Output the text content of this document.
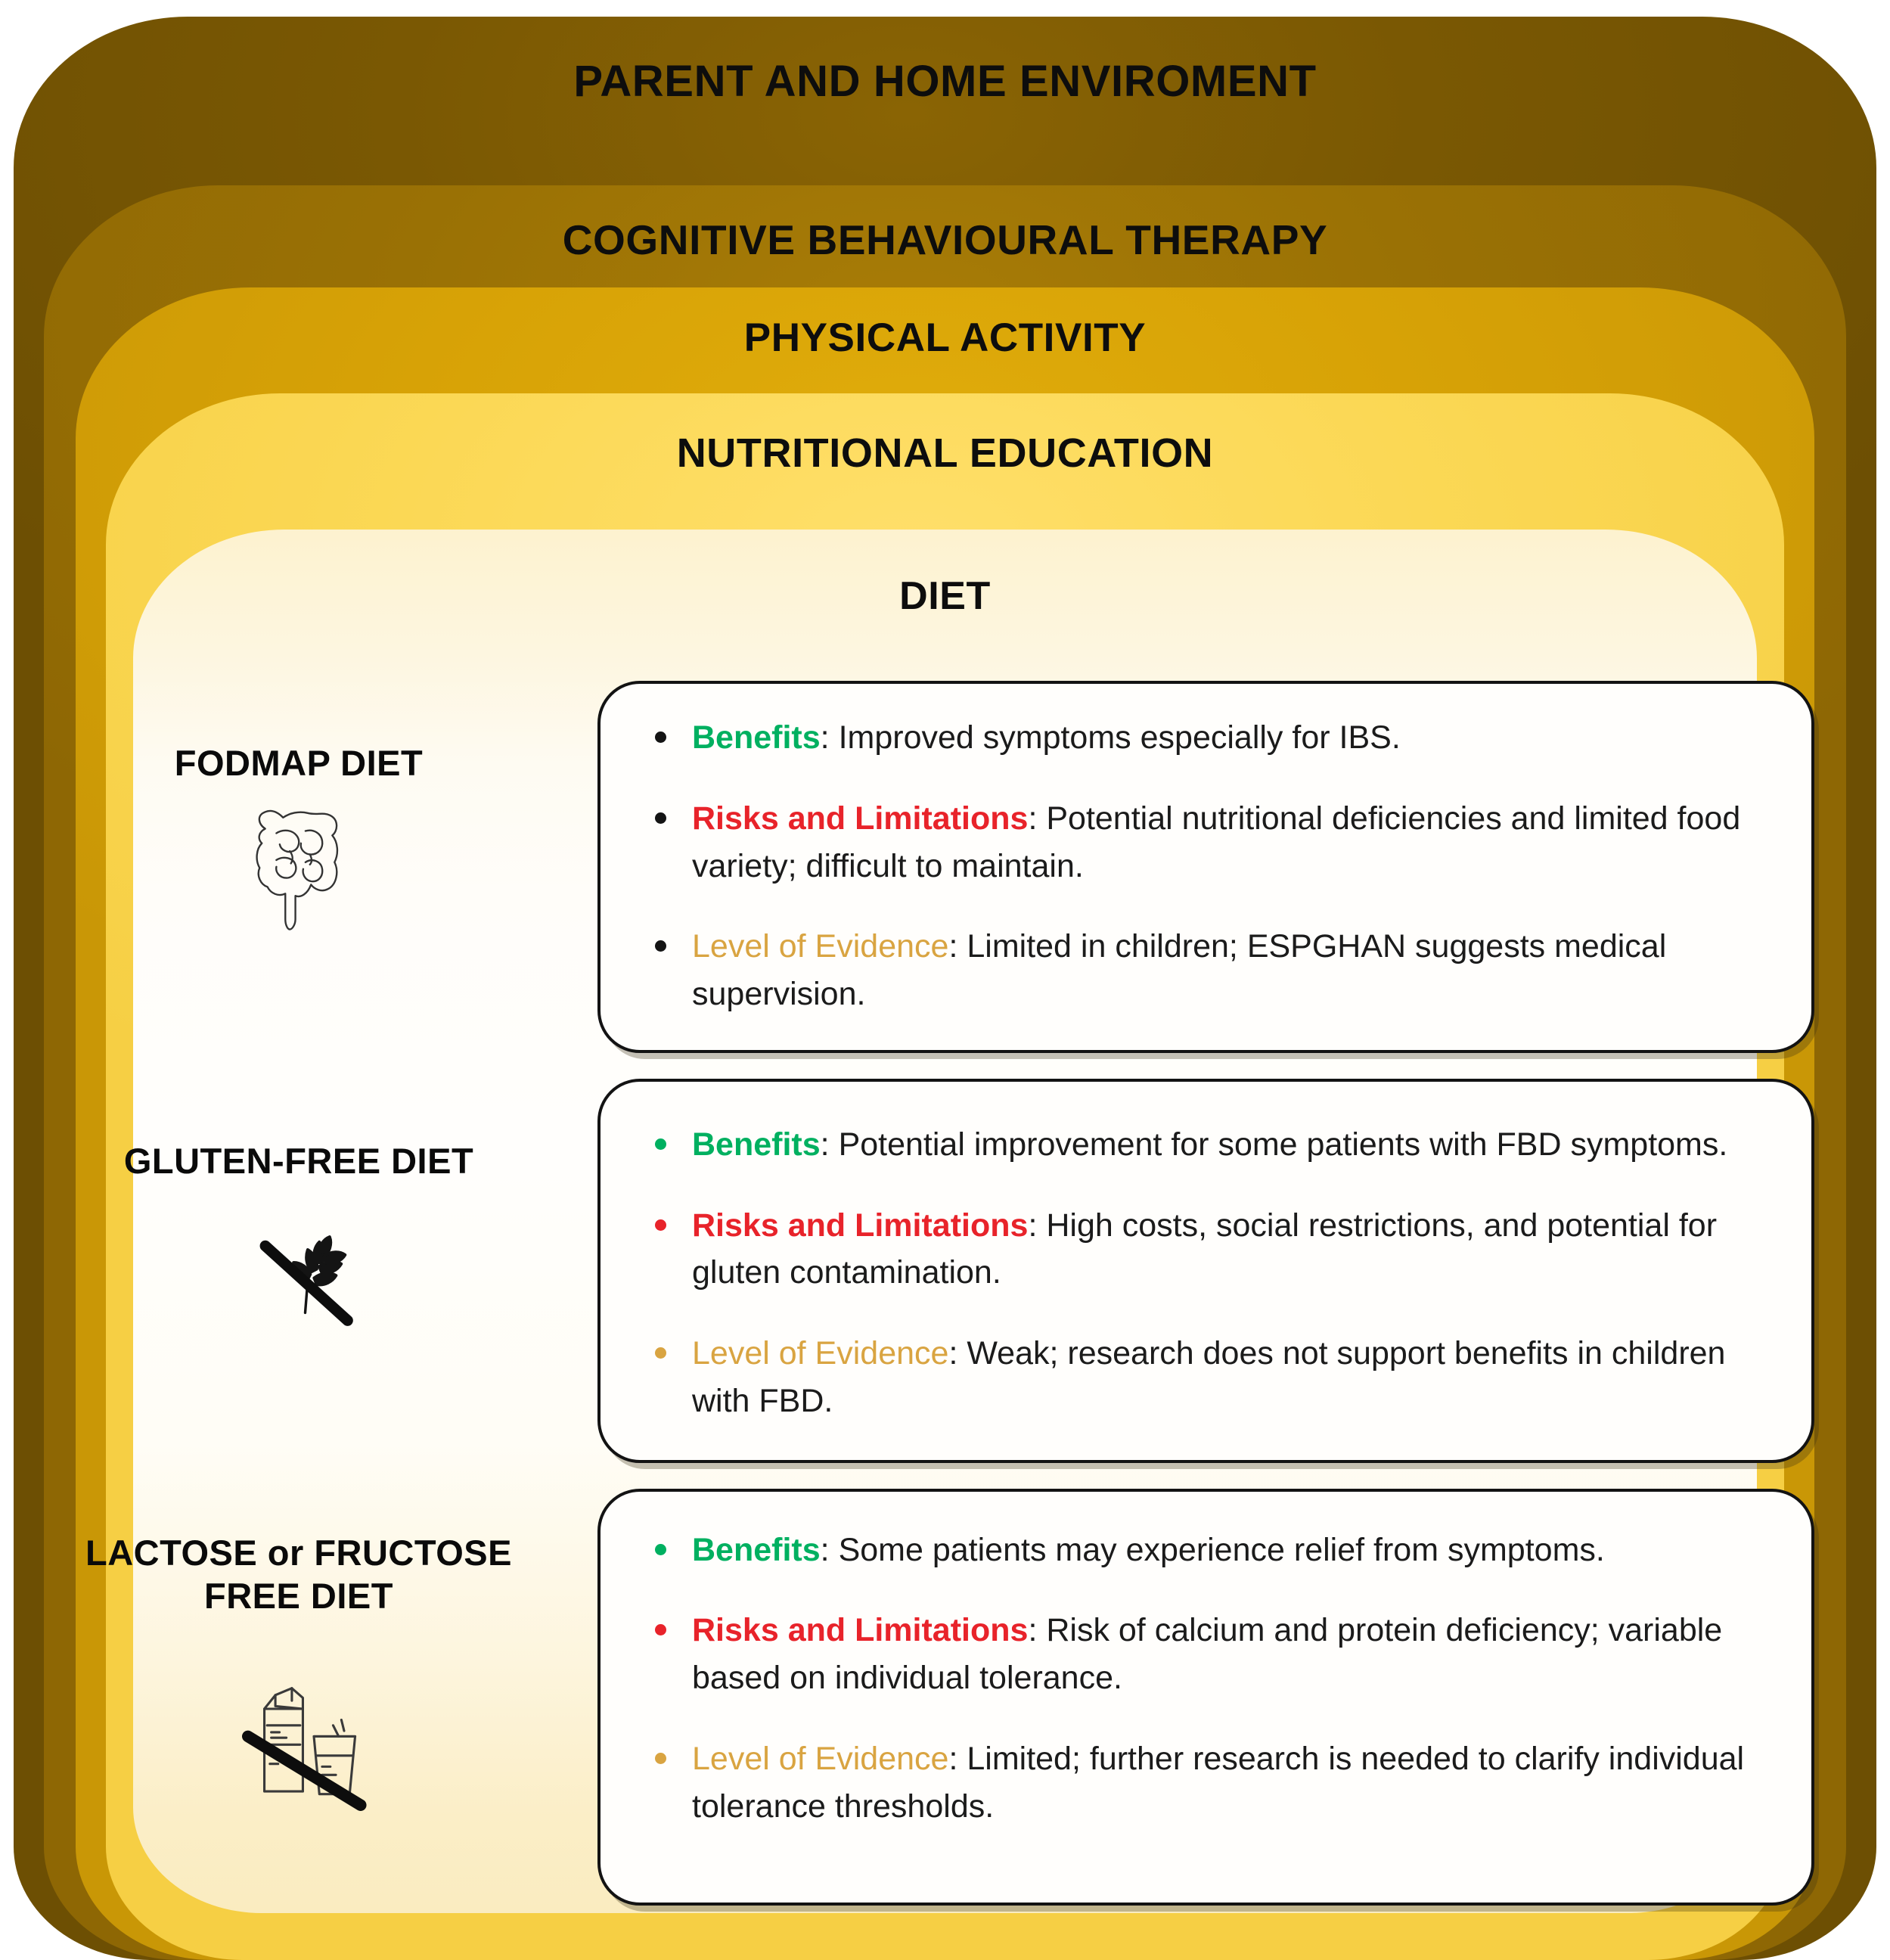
PARENT AND HOME ENVIROMENT
COGNITIVE BEHAVIOURAL THERAPY
PHYSICAL ACTIVITY
NUTRITIONAL EDUCATION
DIET
FODMAP DIET
Benefits: Improved symptoms especially for IBS.
Risks and Limitations: Potential nutritional deficiencies and limited food variety; difficult to maintain.
Level of Evidence: Limited in children; ESPGHAN suggests medical supervision.
GLUTEN-FREE DIET	Benefits: Potential improvement for some patients with FBD symptoms.
Risks and Limitations: High costs, social restrictions, and potential for gluten contamination.
Level of Evidence: Weak; research does not support benefits in children with FBD.
LACTOSE or FRUCTOSE
FREE DIET
Benefits: Some patients may experience relief from symptoms.
Risks and Limitations: Risk of calcium and protein deficiency; variable based on individual tolerance.
Level of Evidence: Limited; further research is needed to clarify individual tolerance thresholds.
